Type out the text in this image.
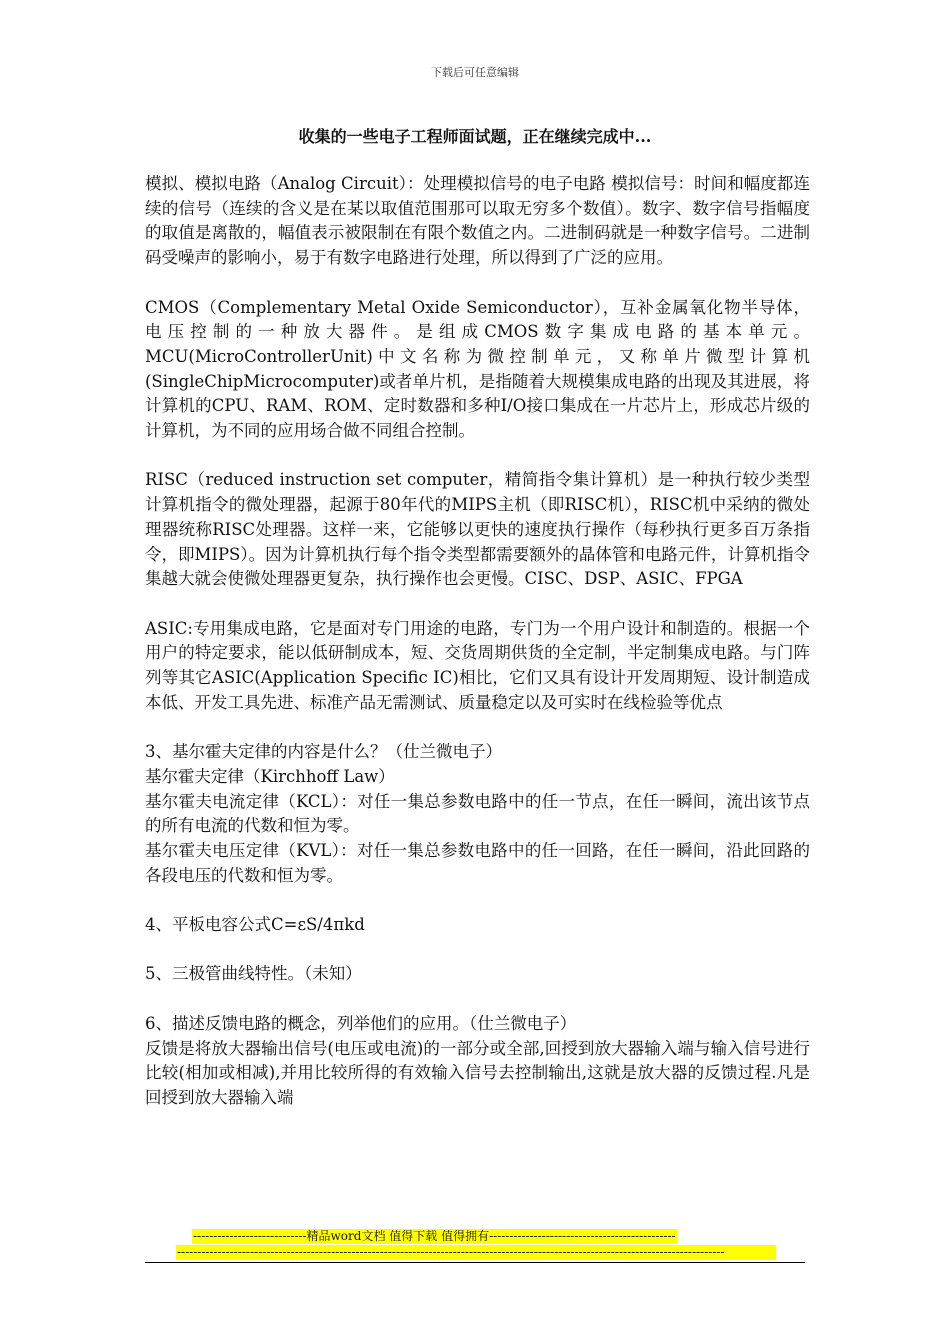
下载后可任意编辑
收集的一些电子工程师面试题，正在继续完成中...

模拟、模拟电路（Analog Circuit）：处理模拟信号的电子电路 模拟信号：时间和幅度都连续的信号（连续的含义是在某以取值范围那可以取无穷多个数值）。数字、数字信号指幅度的取值是离散的，幅值表示被限制在有限个数值之内。二进制码就是一种数字信号。二进制码受噪声的影响小，易于有数字电路进行处理，所以得到了广泛的应用。

CMOS（Complementary Metal Oxide Semiconductor），互补金属氧化物半导体，电压控制的一种放大器件。是组成CMOS数字集成电路的基本单元。MCU(MicroControllerUnit)中文名称为微控制单元，又称单片微型计算机(SingleChipMicrocomputer)或者单片机，是指随着大规模集成电路的出现及其进展，将计算机的CPU、RAM、ROM、定时数器和多种I/O接口集成在一片芯片上，形成芯片级的计算机，为不同的应用场合做不同组合控制。

RISC（reduced instruction set computer，精简指令集计算机）是一种执行较少类型计算机指令的微处理器，起源于80年代的MIPS主机（即RISC机），RISC机中采纳的微处理器统称RISC处理器。这样一来，它能够以更快的速度执行操作（每秒执行更多百万条指令，即MIPS）。因为计算机执行每个指令类型都需要额外的晶体管和电路元件，计算机指令集越大就会使微处理器更复杂，执行操作也会更慢。CISC、DSP、ASIC、FPGA

ASIC:专用集成电路，它是面对专门用途的电路，专门为一个用户设计和制造的。根据一个用户的特定要求，能以低研制成本，短、交货周期供货的全定制，半定制集成电路。与门阵列等其它ASIC(Application Specific IC)相比，它们又具有设计开发周期短、设计制造成本低、开发工具先进、标准产品无需测试、质量稳定以及可实时在线检验等优点

3、基尔霍夫定律的内容是什么？（仕兰微电子）

基尔霍夫定律（Kirchhoff Law）

基尔霍夫电流定律（KCL）：对任一集总参数电路中的任一节点，在任一瞬间，流出该节点的所有电流的代数和恒为零。

基尔霍夫电压定律（KVL）：对任一集总参数电路中的任一回路，在任一瞬间，沿此回路的各段电压的代数和恒为零。

4、平板电容公式C=εS/4πkd

5、三极管曲线特性。（未知）

6、描述反馈电路的概念，列举他们的应用。（仕兰微电子）

反馈是将放大器输出信号(电压或电流)的一部分或全部,回授到放大器输入端与输入信号进行比较(相加或相减),并用比较所得的有效输入信号去控制输出,这就是放大器的反馈过程.凡是回授到放大器输入端

----------------------------精品word文档 值得下载 值得拥有----------------------------------------------
---------------------------------------------------------------------------------------------------------------------------------------
